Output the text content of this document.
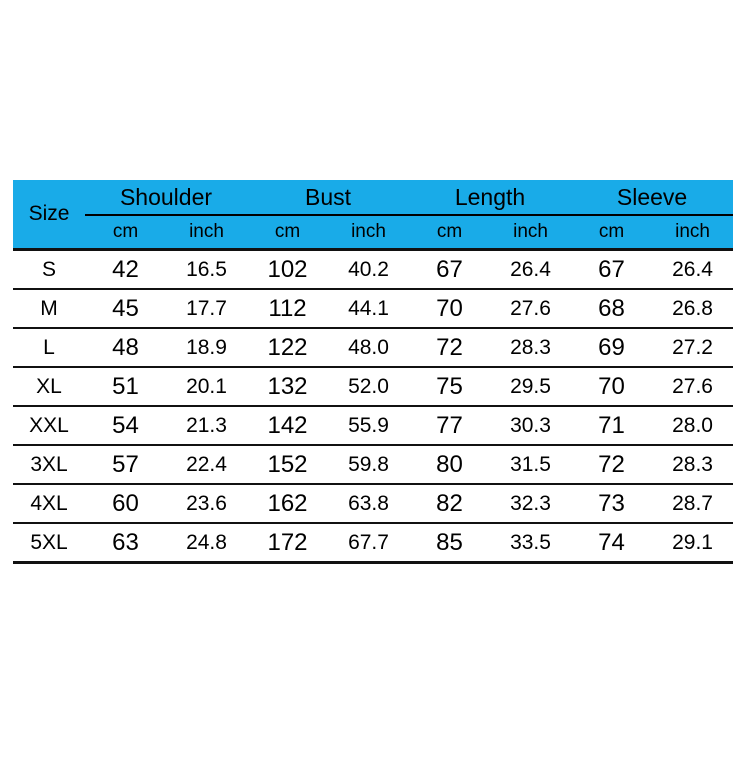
Size	Shoulder		Bust		Length		Sleeve	
	cm	inch	cm	inch	cm	inch	cm	inch
S	42	16.5	102	40.2	67	26.4	67	26.4
M	45	17.7	112	44.1	70	27.6	68	26.8
L	48	18.9	122	48.0	72	28.3	69	27.2
XL	51	20.1	132	52.0	75	29.5	70	27.6
XXL	54	21.3	142	55.9	77	30.3	71	28.0
3XL	57	22.4	152	59.8	80	31.5	72	28.3
4XL	60	23.6	162	63.8	82	32.3	73	28.7
5XL	63	24.8	172	67.7	85	33.5	74	29.1
